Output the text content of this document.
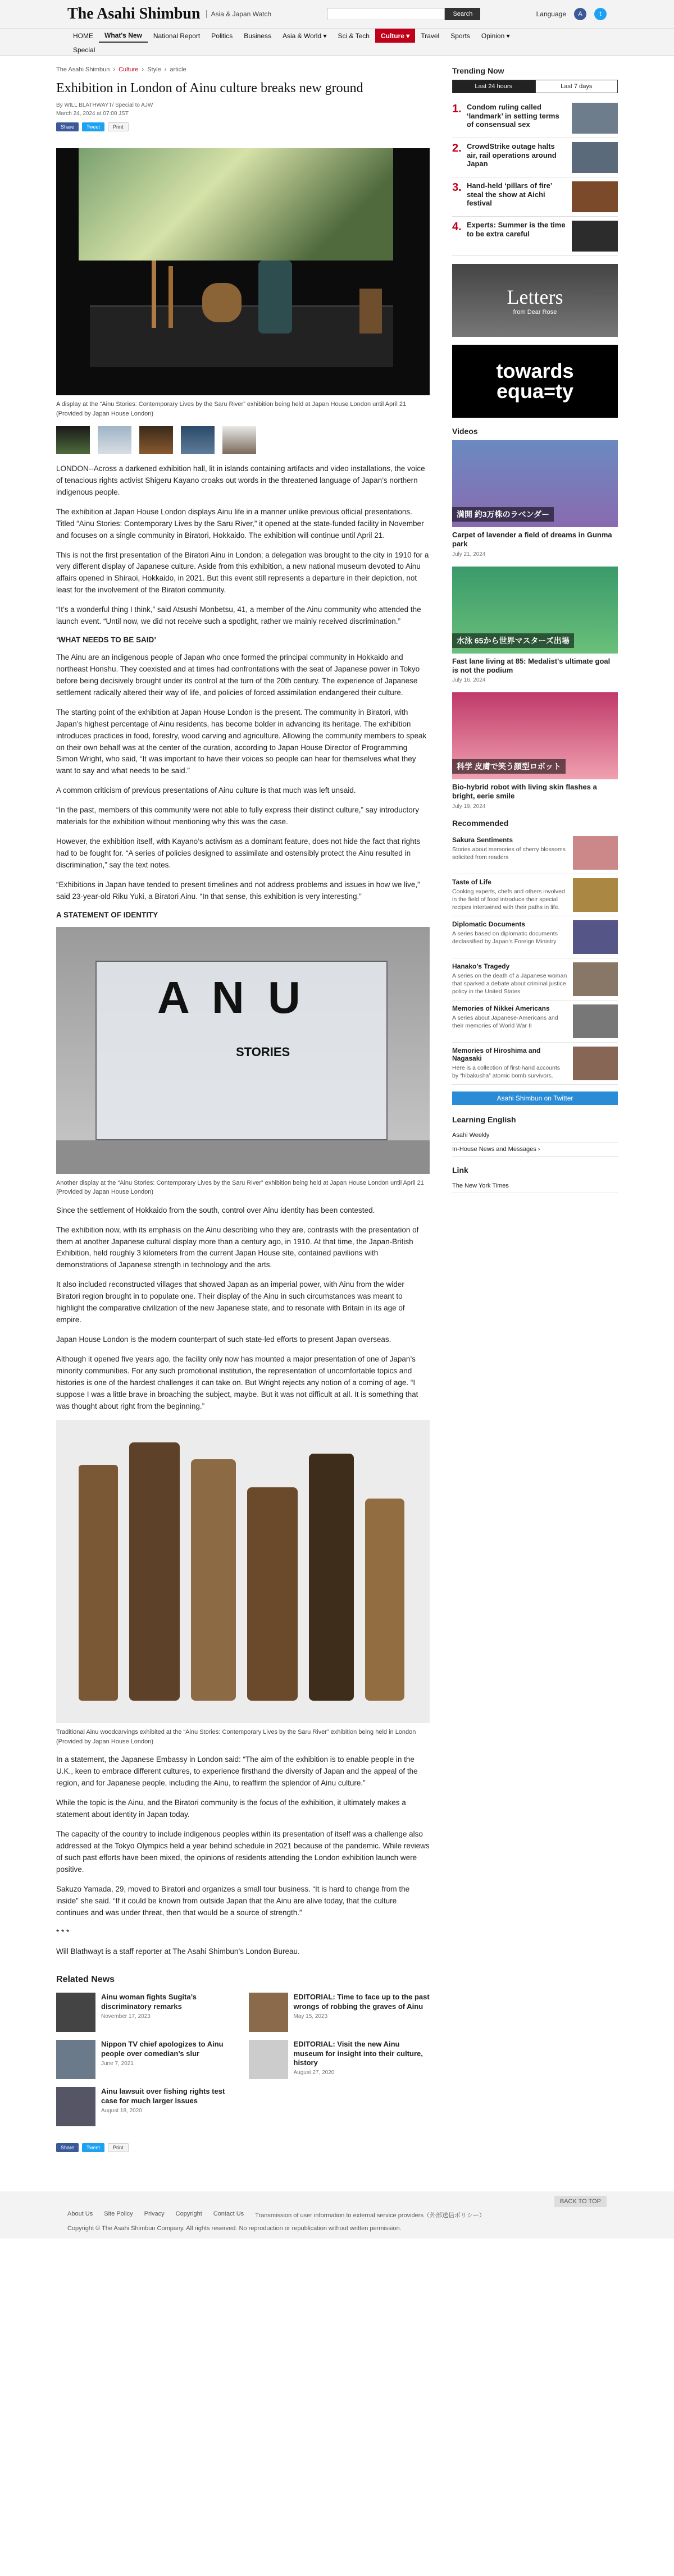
The Asahi Shimbun	Asia & Japan Watch	Search	Language	A	t
HOME	What's New	National Report	Politics	Business	Asia & World ▾	Sci & Tech	Culture ▾	Travel	Sports	Opinion ▾
Special
The Asahi Shimbun › Culture › Style › article
Exhibition in London of Ainu culture breaks new ground
By WILL BLATHWAYT/ Special to AJW
March 24, 2024 at 07:00 JST
Share	Tweet	Print
A display at the “Ainu Stories: Contemporary Lives by the Saru River” exhibition being held at Japan House London until April 21 (Provided by Japan House London)

LONDON--Across a darkened exhibition hall, lit in islands containing artifacts and video installations, the voice of tenacious rights activist Shigeru Kayano croaks out words in the threatened language of Japan’s northern indigenous people.

The exhibition at Japan House London displays Ainu life in a manner unlike previous official presentations. Titled “Ainu Stories: Contemporary Lives by the Saru River,” it opened at the state-funded facility in November and focuses on a single community in Biratori, Hokkaido. The exhibition will continue until April 21.

This is not the first presentation of the Biratori Ainu in London; a delegation was brought to the city in 1910 for a very different display of Japanese culture. Aside from this exhibition, a new national museum devoted to Ainu affairs opened in Shiraoi, Hokkaido, in 2021. But this event still represents a departure in their depiction, not least for the involvement of the Biratori community.

“It’s a wonderful thing I think,” said Atsushi Monbetsu, 41, a member of the Ainu community who attended the launch event. “Until now, we did not receive such a spotlight, rather we mainly received discrimination.”

‘WHAT NEEDS TO BE SAID’

The Ainu are an indigenous people of Japan who once formed the principal community in Hokkaido and northeast Honshu. They coexisted and at times had confrontations with the seat of Japanese power in Tokyo before being decisively brought under its control at the turn of the 20th century. The experience of Japanese settlement radically altered their way of life, and policies of forced assimilation endangered their culture.

The starting point of the exhibition at Japan House London is the present. The community in Biratori, with Japan’s highest percentage of Ainu residents, has become bolder in advancing its heritage. The exhibition introduces practices in food, forestry, wood carving and agriculture. Allowing the community members to speak on their own behalf was at the center of the curation, according to Japan House Director of Programming Simon Wright, who said, “It was important to have their voices so people can hear for themselves what they want to say and what needs to be said.”

A common criticism of previous presentations of Ainu culture is that much was left unsaid.

“In the past, members of this community were not able to fully express their distinct culture,” say introductory materials for the exhibition without mentioning why this was the case.

However, the exhibition itself, with Kayano’s activism as a dominant feature, does not hide the fact that rights had to be fought for. “A series of policies designed to assimilate and ostensibly protect the Ainu resulted in discrimination,” say the text notes.

“Exhibitions in Japan have tended to present timelines and not address problems and issues in how we live,” said 23-year-old Riku Yuki, a Biratori Ainu. “In that sense, this exhibition is very interesting.”

A STATEMENT OF IDENTITY
A N U
STORIES
Another display at the “Ainu Stories: Contemporary Lives by the Saru River” exhibition being held at Japan House London until April 21 (Provided by Japan House London)

Since the settlement of Hokkaido from the south, control over Ainu identity has been contested.

The exhibition now, with its emphasis on the Ainu describing who they are, contrasts with the presentation of them at another Japanese cultural display more than a century ago, in 1910. At that time, the Japan-British Exhibition, held roughly 3 kilometers from the current Japan House site, contained pavilions with demonstrations of Japanese strength in technology and the arts.

It also included reconstructed villages that showed Japan as an imperial power, with Ainu from the wider Biratori region brought in to populate one. Their display of the Ainu in such circumstances was meant to highlight the comparative civilization of the new Japanese state, and to resonate with Britain in its age of empire.

Japan House London is the modern counterpart of such state-led efforts to present Japan overseas.

Although it opened five years ago, the facility only now has mounted a major presentation of one of Japan’s minority communities. For any such promotional institution, the representation of uncomfortable topics and histories is one of the hardest challenges it can take on. But Wright rejects any notion of a coming of age. “I suppose I was a little brave in broaching the subject, maybe. But it was not difficult at all. It is something that was thought about right from the beginning.”

Traditional Ainu woodcarvings exhibited at the “Ainu Stories: Contemporary Lives by the Saru River” exhibition being held in London (Provided by Japan House London)

In a statement, the Japanese Embassy in London said: “The aim of the exhibition is to enable people in the U.K., keen to embrace different cultures, to experience firsthand the diversity of Japan and the appeal of the region, and for Japanese people, including the Ainu, to reaffirm the splendor of Ainu culture.”

While the topic is the Ainu, and the Biratori community is the focus of the exhibition, it ultimately makes a statement about identity in Japan today.

The capacity of the country to include indigenous peoples within its presentation of itself was a challenge also addressed at the Tokyo Olympics held a year behind schedule in 2021 because of the pandemic. While reviews of such past efforts have been mixed, the opinions of residents attending the London exhibition launch were positive.

Sakuzo Yamada, 29, moved to Biratori and organizes a small tour business. “It is hard to change from the inside” she said. “If it could be known from outside Japan that the Ainu are alive today, that the culture continues and was under threat, then that would be a source of strength.”

* * *

Will Blathwayt is a staff reporter at The Asahi Shimbun’s London Bureau.

Related News
Ainu woman fights Sugita’s discriminatory remarks
November 17, 2023
EDITORIAL: Time to face up to the past wrongs of robbing the graves of Ainu
May 15, 2023
Nippon TV chief apologizes to Ainu people over comedian’s slur
June 7, 2021
EDITORIAL: Visit the new Ainu museum for insight into their culture, history
August 27, 2020
Ainu lawsuit over fishing rights test case for much larger issues
August 18, 2020
Share	Tweet	Print
Trending Now
Last 24 hours	Last 7 days
1. Condom ruling called ‘landmark’ in setting terms of consensual sex
2. CrowdStrike outage halts air, rail operations around Japan
3. Hand-held ‘pillars of fire’ steal the show at Aichi festival
4. Experts: Summer is the time to be extra careful
Letters
from Dear Rose
towards equa=ty
Videos
満開 約3万株のラベンダー
Carpet of lavender a field of dreams in Gunma park
July 21, 2024
水泳 65から世界マスターズ出場
Fast lane living at 85: Medalist's ultimate goal is not the podium
July 16, 2024
科学 皮膚で笑う顔型ロボット
Bio-hybrid robot with living skin flashes a bright, eerie smile
July 19, 2024
Recommended
Sakura Sentiments
Stories about memories of cherry blossoms solicited from readers
Taste of Life
Cooking experts, chefs and others involved in the field of food introduce their special recipes intertwined with their paths in life.
Diplomatic Documents
A series based on diplomatic documents declassified by Japan’s Foreign Ministry
Hanako’s Tragedy
A series on the death of a Japanese woman that sparked a debate about criminal justice policy in the United States
Memories of Nikkei Americans
A series about Japanese-Americans and their memories of World War II
Memories of Hiroshima and Nagasaki
Here is a collection of first-hand accounts by “hibakusha” atomic bomb survivors.
Asahi Shimbun on Twitter
Learning English
Asahi Weekly
In-House News and Messages ›
Link
The New York Times
BACK TO TOP
About Us Site Policy Privacy Copyright Contact Us Transmission of user information to external service providers（外部送信ポリシー）
Copyright © The Asahi Shimbun Company. All rights reserved. No reproduction or republication without written permission.
